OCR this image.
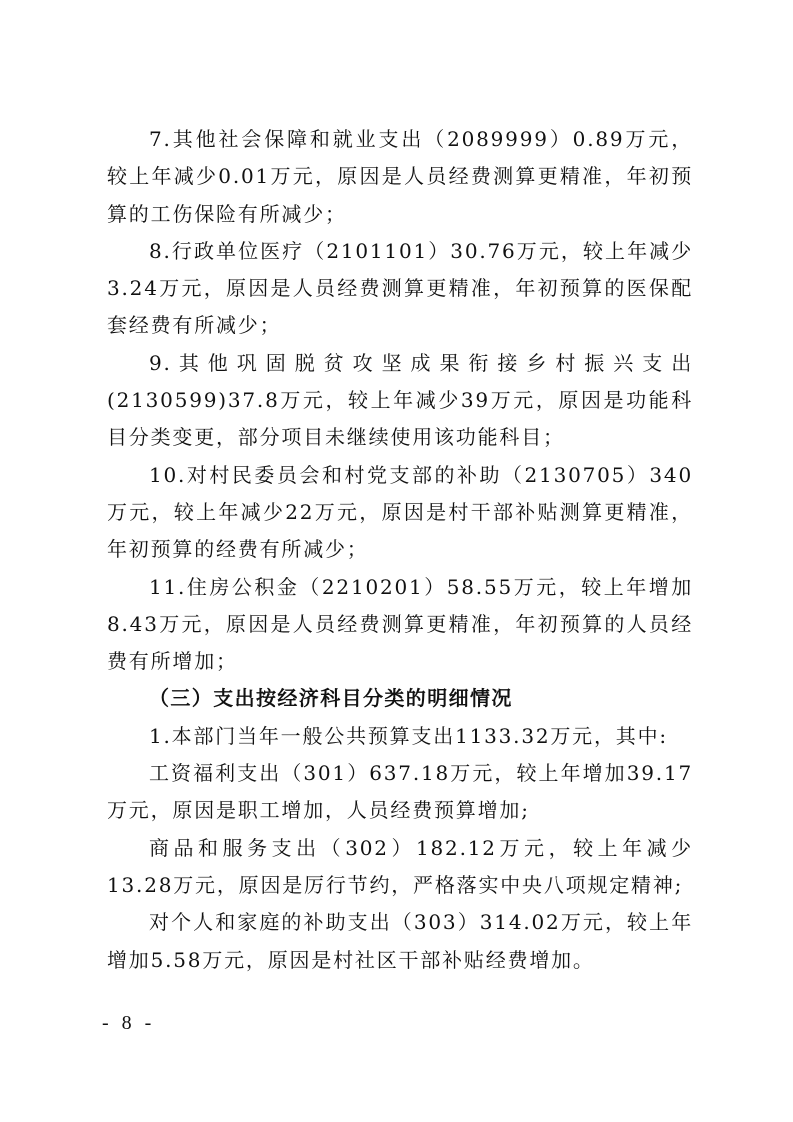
7.其他社会保障和就业支出（2089999）0.89万元，较上年减少0.01万元，原因是人员经费测算更精准，年初预算的工伤保险有所减少；

8.行政单位医疗（2101101）30.76万元，较上年减少3.24万元，原因是人员经费测算更精准，年初预算的医保配套经费有所减少；

9.其他巩固脱贫攻坚成果衔接乡村振兴支出(2130599)37.8万元，较上年减少39万元，原因是功能科目分类变更，部分项目未继续使用该功能科目；

10.对村民委员会和村党支部的补助（2130705）340万元，较上年减少22万元，原因是村干部补贴测算更精准，年初预算的经费有所减少；

11.住房公积金（2210201）58.55万元，较上年增加8.43万元，原因是人员经费测算更精准，年初预算的人员经费有所增加；

（三）支出按经济科目分类的明细情况

1.本部门当年一般公共预算支出1133.32万元，其中:

工资福利支出（301）637.18万元，较上年增加39.17万元，原因是职工增加，人员经费预算增加;

商品和服务支出（302）182.12万元，较上年减少13.28万元，原因是厉行节约，严格落实中央八项规定精神;

对个人和家庭的补助支出（303）314.02万元，较上年增加5.58万元，原因是村社区干部补贴经费增加。

- 8 -
